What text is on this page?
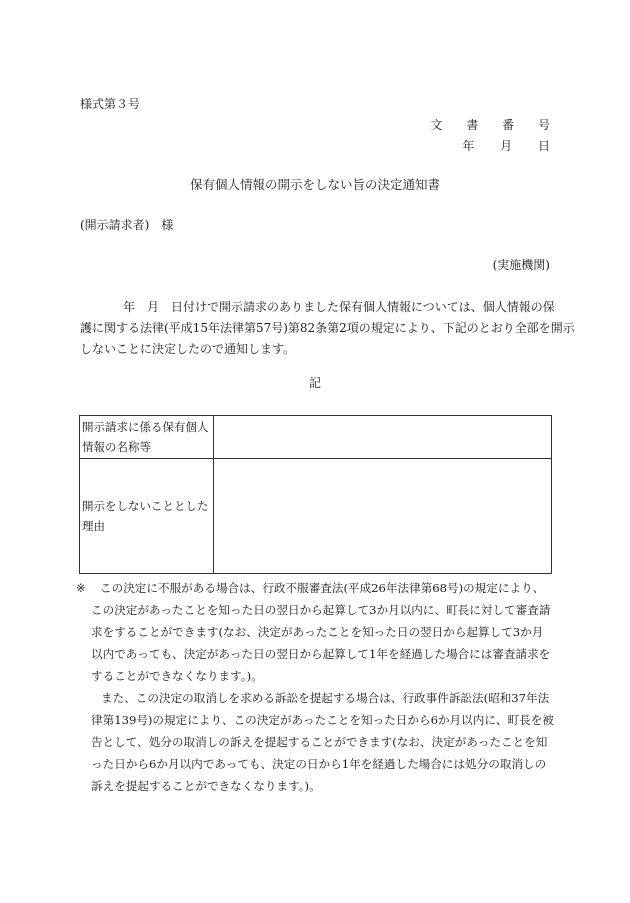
様式第３号
文 書 番 号
年 月 日
保有個人情報の開示をしない旨の決定通知書
(開示請求者)　様
(実施機関)
年　月　日付けで開示請求のありました保有個人情報については、個人情報の保
護に関する法律(平成15年法律第57号)第82条第2項の規定により、下記のとおり全部を開示
しないことに決定したので通知します。
記
開示請求に係る保有個人
情報の名称等	

開示をしないこととした
理由	

※ この決定に不服がある場合は、行政不服審査法(平成26年法律第68号)の規定により、
この決定があったことを知った日の翌日から起算して3か月以内に、町長に対して審査請
求をすることができます(なお、決定があったことを知った日の翌日から起算して3か月
以内であっても、決定があった日の翌日から起算して1年を経過した場合には審査請求を
することができなくなります。)。
また、この決定の取消しを求める訴訟を提起する場合は、行政事件訴訟法(昭和37年法
律第139号)の規定により、この決定があったことを知った日から6か月以内に、町長を被
告として、処分の取消しの訴えを提起することができます(なお、決定があったことを知
った日から6か月以内であっても、決定の日から1年を経過した場合には処分の取消しの
訴えを提起することができなくなります。)。
